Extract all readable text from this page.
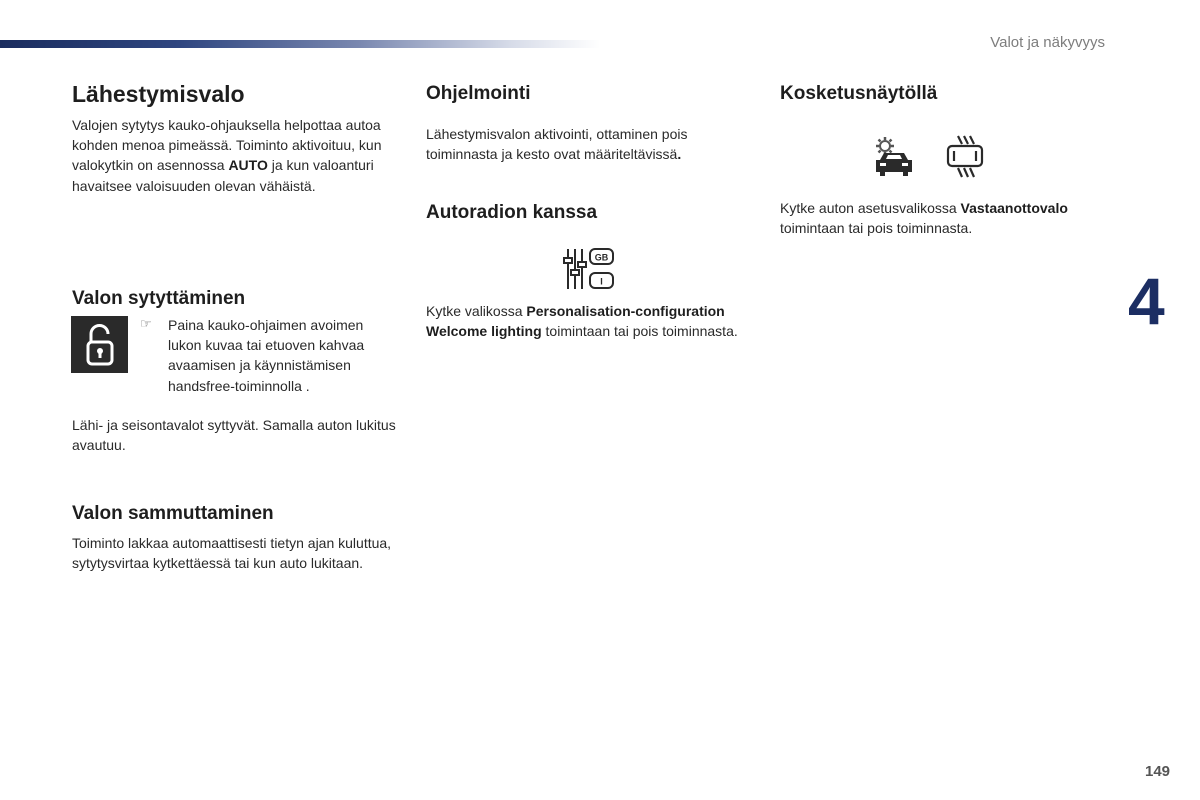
Valot ja näkyvyys
4
149
Lähestymisvalo

Valojen sytytys kauko-ohjauksella helpottaa autoa kohden menoa pimeässä. Toiminto aktivoituu, kun valokytkin on asennossa AUTO ja kun valoanturi havaitsee valoisuuden olevan vähäistä.

Valon sytyttäminen
☞ Paina kauko-ohjaimen avoimen lukon kuvaa tai etuoven kahvaa avaamisen ja käynnistämisen handsfree-toiminnolla .

Lähi- ja seisontavalot syttyvät. Samalla auton lukitus avautuu.

Valon sammuttaminen

Toiminto lakkaa automaattisesti tietyn ajan kuluttua, sytytysvirtaa kytkettäessä tai kun auto lukitaan.

Ohjelmointi

Lähestymisvalon aktivointi, ottaminen pois toiminnasta ja kesto ovat määriteltävissä.

Autoradion kanssa
GB
I

Kytke valikossa Personalisation-configuration Welcome lighting toimintaan tai pois toiminnasta.

Kosketusnäytöllä

Kytke auton asetusvalikossa Vastaanottovalo toimintaan tai pois toiminnasta.
